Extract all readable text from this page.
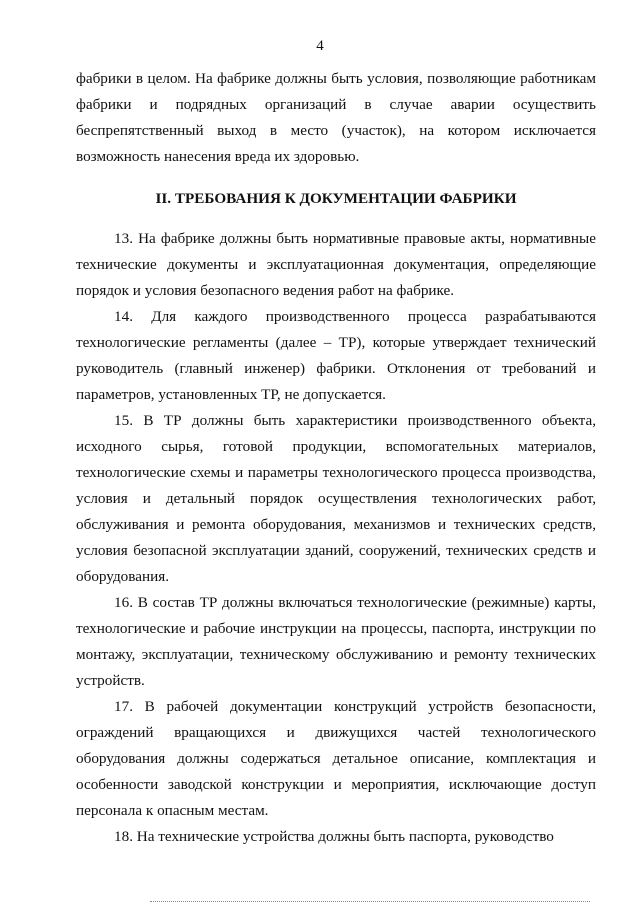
4

фабрики в целом. На фабрике должны быть условия, позволяющие работникам фабрики и подрядных организаций в случае аварии осуществить беспрепятственный выход в место (участок), на котором исключается возможность нанесения вреда их здоровью.

II. ТРЕБОВАНИЯ К ДОКУМЕНТАЦИИ ФАБРИКИ

13. На фабрике должны быть нормативные правовые акты, нормативные технические документы и эксплуатационная документация, определяющие порядок и условия безопасного ведения работ на фабрике.

14. Для каждого производственного процесса разрабатываются технологические регламенты (далее – ТР), которые утверждает технический руководитель (главный инженер) фабрики. Отклонения от требований и параметров, установленных ТР, не допускается.

15. В ТР должны быть характеристики производственного объекта, исходного сырья, готовой продукции, вспомогательных материалов, технологические схемы и параметры технологического процесса производства, условия и детальный порядок осуществления технологических работ, обслуживания и ремонта оборудования, механизмов и технических средств, условия безопасной эксплуатации зданий, сооружений, технических средств и оборудования.

16. В состав ТР должны включаться технологические (режимные) карты, технологические и рабочие инструкции на процессы, паспорта, инструкции по монтажу, эксплуатации, техническому обслуживанию и ремонту технических устройств.

17. В рабочей документации конструкций устройств безопасности, ограждений вращающихся и движущихся частей технологического оборудования должны содержаться детальное описание, комплектация и особенности заводской конструкции и мероприятия, исключающие доступ персонала к опасным местам.

18. На технические устройства должны быть паспорта, руководство
